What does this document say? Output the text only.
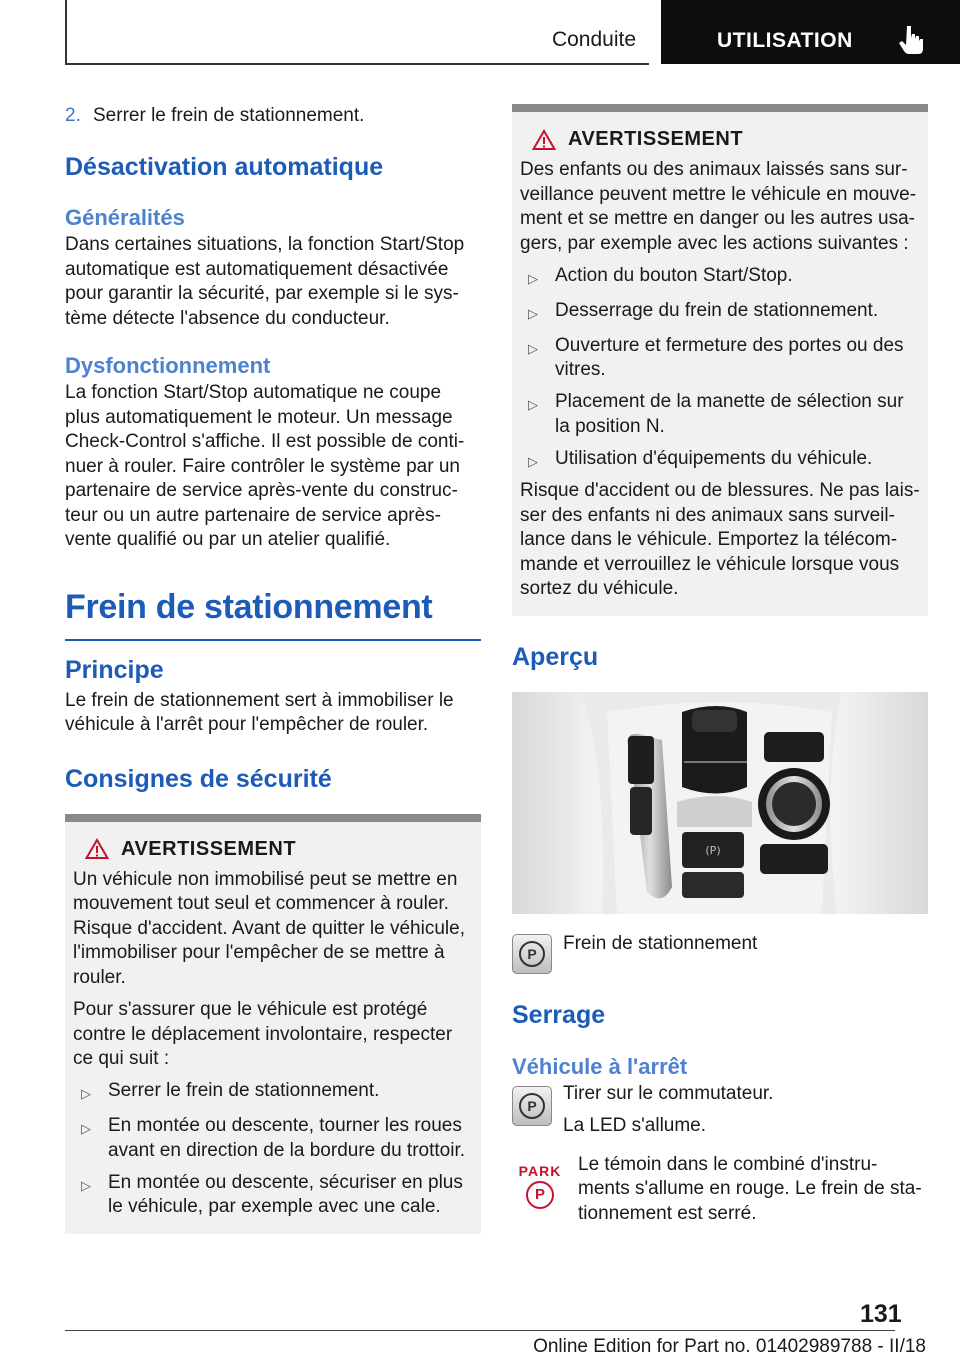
Conduite	UTILISATION
2. Serrer le frein de stationnement.
Désactivation automatique
Généralités

Dans certaines situations, la fonction Start/Stop automatique est automatiquement désactivée pour garantir la sécurité, par exemple si le sys-tème détecte l'absence du conducteur.

Dysfonctionnement

La fonction Start/Stop automatique ne coupe plus automatiquement le moteur. Un message Check-Control s'affiche. Il est possible de conti-nuer à rouler. Faire contrôler le système par un partenaire de service après-vente du construc-teur ou un autre partenaire de service après-vente qualifié ou par un atelier qualifié.

Frein de stationnement
Principe

Le frein de stationnement sert à immobiliser le véhicule à l'arrêt pour l'empêcher de rouler.

Consignes de sécurité
AVERTISSEMENT

Un véhicule non immobilisé peut se mettre en mouvement tout seul et commencer à rouler. Risque d'accident. Avant de quitter le véhicule, l'immobiliser pour l'empêcher de se mettre à rouler.

Pour s'assurer que le véhicule est protégé contre le déplacement involontaire, respecter ce qui suit :

▷ Serrer le frein de stationnement.
▷ En montée ou descente, tourner les roues avant en direction de la bordure du trottoir.
▷ En montée ou descente, sécuriser en plus le véhicule, par exemple avec une cale.
AVERTISSEMENT

Des enfants ou des animaux laissés sans sur-veillance peuvent mettre le véhicule en mouve-ment et se mettre en danger ou les autres usa-gers, par exemple avec les actions suivantes :

▷ Action du bouton Start/Stop.
▷ Desserrage du frein de stationnement.
▷ Ouverture et fermeture des portes ou des vitres.
▷ Placement de la manette de sélection sur la position N.
▷ Utilisation d'équipements du véhicule.

Risque d'accident ou de blessures. Ne pas lais-ser des enfants ni des animaux sans surveil-lance dans le véhicule. Emportez la télécom-mande et verrouillez le véhicule lorsque vous sortez du véhicule.

Aperçu
(P)
P	Frein de stationnement

Serrage
Véhicule à l'arrêt
P

Tirer sur le commutateur.

La LED s'allume.

PARK
P

Le témoin dans le combiné d'instru-ments s'allume en rouge. Le frein de sta-tionnement est serré.

131
Online Edition for Part no. 01402989788 - II/18
